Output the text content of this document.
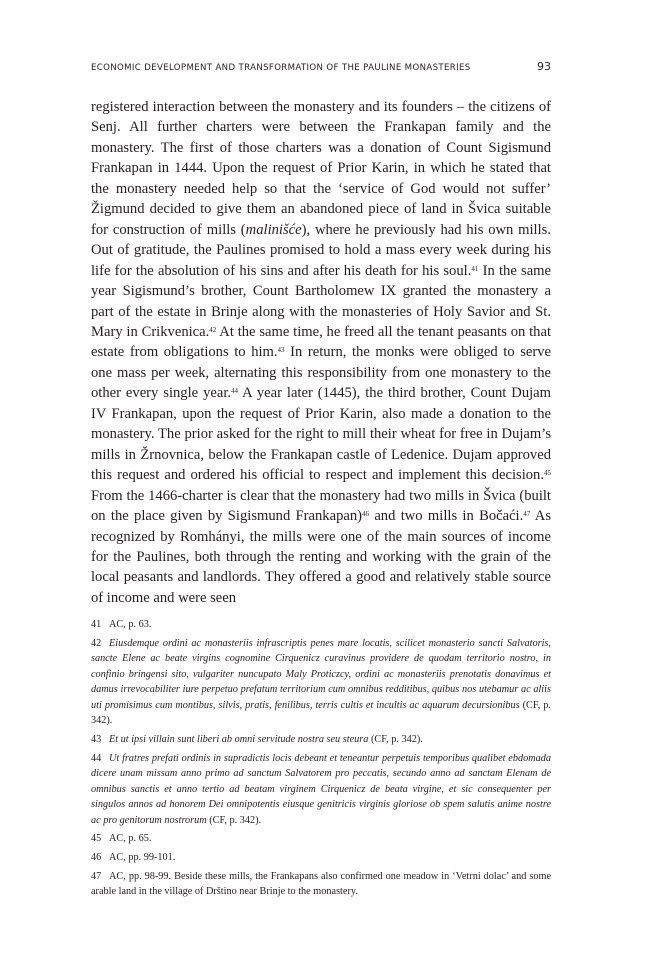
ECONOMIC DEVELOPMENT AND TRANSFORMATION OF THE PAULINE MONASTERIES	93

registered interaction between the monastery and its founders – the citizens of Senj. All further charters were between the Frankapan family and the monastery. The first of those charters was a donation of Count Sigismund Frankapan in 1444. Upon the request of Prior Karin, in which he stated that the monastery needed help so that the ‘service of God would not suffer’ Žigmund decided to give them an abandoned piece of land in Švica suitable for construction of mills (malinišće), where he previously had his own mills. Out of gratitude, the Paulines promised to hold a mass every week during his life for the absolution of his sins and after his death for his soul.$^{41}$ In the same year Sigismund’s brother, Count Bartholomew IX granted the monastery a part of the estate in Brinje along with the monasteries of Holy Savior and St. Mary in Crikvenica.$^{42}$ At the same time, he freed all the tenant peasants on that estate from obligations to him.$^{43}$ In return, the monks were obliged to serve one mass per week, alternating this responsibility from one monastery to the other every single year.$^{44}$ A year later (1445), the third brother, Count Dujam IV Frankapan, upon the request of Prior Karin, also made a donation to the monastery. The prior asked for the right to mill their wheat for free in Dujam’s mills in Žrnovnica, below the Frankapan castle of Ledenice. Dujam approved this request and ordered his official to respect and implement this decision.$^{45}$ From the 1466-charter is clear that the monastery had two mills in Švica (built on the place given by Sigismund Frankapan)$^{46}$ and two mills in Bočaći.$^{47}$ As recognized by Romhányi, the mills were one of the main sources of income for the Paulines, both through the renting and working with the grain of the local peasants and landlords. They offered a good and relatively stable source of income and were seen

41 AC, p. 63.

42 Eiusdemque ordini ac monasteriis infrascriptis penes mare locatis, scilicet monasterio sancti Salvatoris, sancte Elene ac beate virgins cognomine Cirquenicz curavinus providere de quodam territorio nostro, in confinio bringensi sito, vulgariter nuncupato Maly Proticzcy, ordini ac monasteriis prenotatis donavimus et damus irrevocabiliter iure perpetuo prefatum territorium cum omnibus redditibus, quibus nos utebamur ac aliis uti promisimus cum montibus, silvis, pratis, fenilibus, terris cultis et incultis ac aquarum decursionibus (CF, p. 342).

43 Et ut ipsi villain sunt liberi ab omni servitude nostra seu steura (CF, p. 342).

44 Ut fratres prefati ordinis in supradictis locis debeant et teneantur perpetuis temporibus qualibet ebdomada dicere unam missam anno primo ad sanctum Salvatorem pro peccatis, secundo anno ad sanctam Elenam de omnibus sanctis et anno tertio ad beatam virginem Cirquenicz de beata virgine, et sic consequenter per singulos annos ad honorem Dei omnipotentis eiusque genitricis virginis gloriose ob spem salutis anime nostre ac pro genitorum nostrorum (CF, p. 342).

45 AC, p. 65.

46 AC, pp. 99-101.

47 AC, pp. 98-99. Beside these mills, the Frankapans also confirmed one meadow in ‘Vetrni dolac’ and some arable land in the village of Drštino near Brinje to the monastery.
